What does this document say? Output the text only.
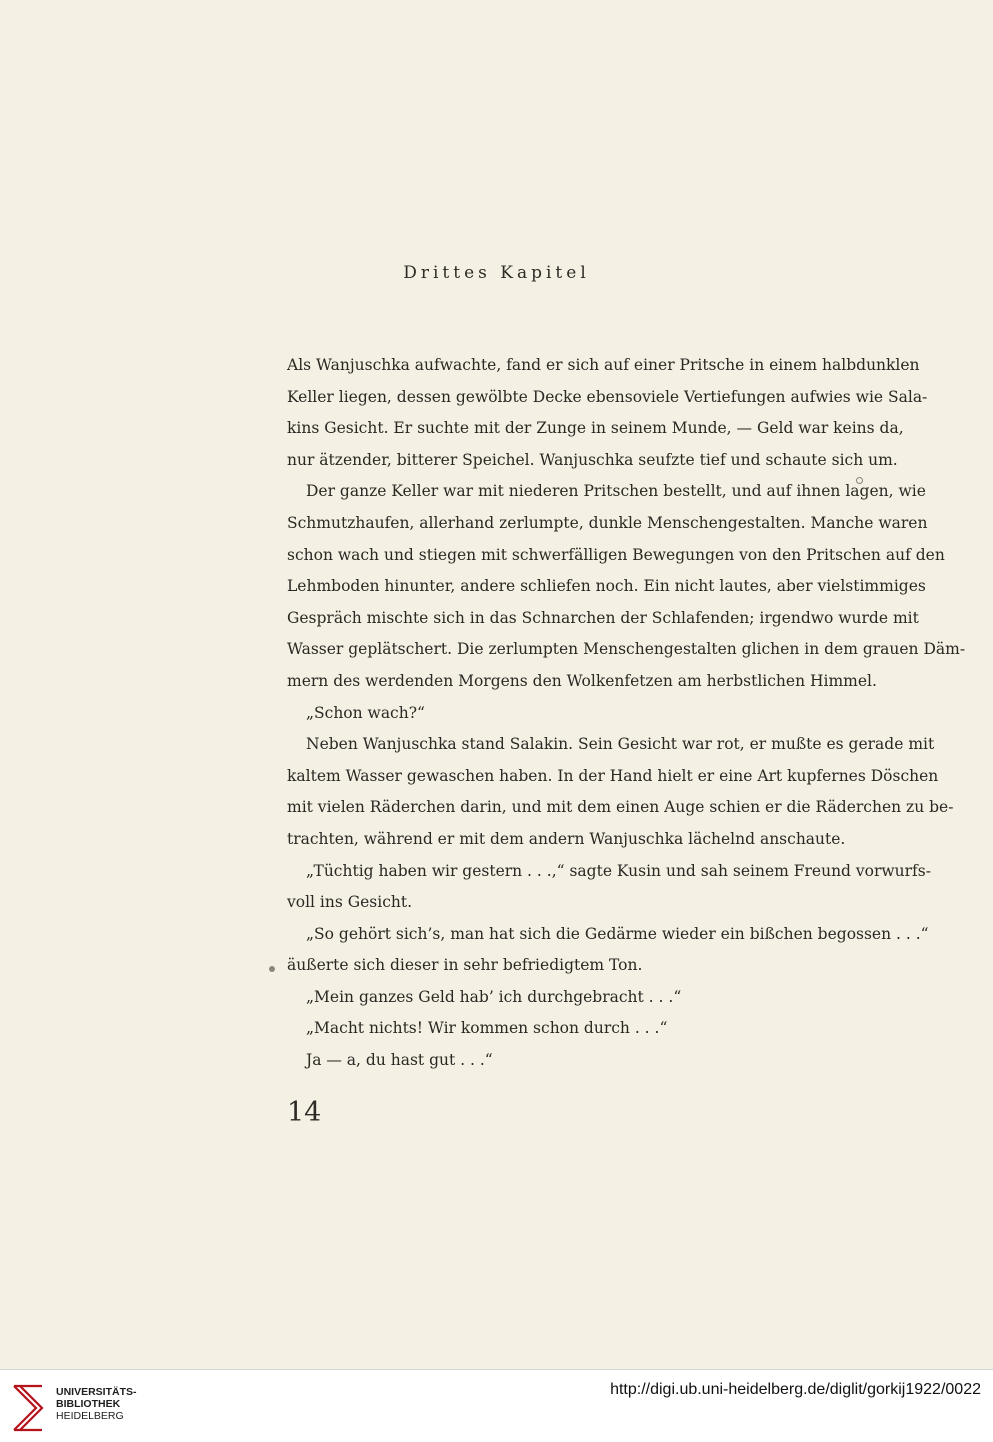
Drittes Kapitel
Als Wanjuschka aufwachte, fand er sich auf einer Pritsche in einem halbdunklen
Keller liegen, dessen gewölbte Decke ebensoviele Vertiefungen aufwies wie Sala-
kins Gesicht. Er suchte mit der Zunge in seinem Munde, — Geld war keins da,
nur ätzender, bitterer Speichel. Wanjuschka seufzte tief und schaute sich um.
Der ganze Keller war mit niederen Pritschen bestellt, und auf ihnen lagen, wie
Schmutzhaufen, allerhand zerlumpte, dunkle Menschengestalten. Manche waren
schon wach und stiegen mit schwerfälligen Bewegungen von den Pritschen auf den
Lehmboden hinunter, andere schliefen noch. Ein nicht lautes, aber vielstimmiges
Gespräch mischte sich in das Schnarchen der Schlafenden; irgendwo wurde mit
Wasser geplätschert. Die zerlumpten Menschengestalten glichen in dem grauen Däm-
mern des werdenden Morgens den Wolkenfetzen am herbstlichen Himmel.
„Schon wach?“
Neben Wanjuschka stand Salakin. Sein Gesicht war rot, er mußte es gerade mit
kaltem Wasser gewaschen haben. In der Hand hielt er eine Art kupfernes Döschen
mit vielen Räderchen darin, und mit dem einen Auge schien er die Räderchen zu be-
trachten, während er mit dem andern Wanjuschka lächelnd anschaute.
„Tüchtig haben wir gestern . . .,“ sagte Kusin und sah seinem Freund vorwurfs-
voll ins Gesicht.
„So gehört sich’s, man hat sich die Gedärme wieder ein bißchen begossen . . .“
äußerte sich dieser in sehr befriedigtem Ton.
„Mein ganzes Geld hab’ ich durchgebracht . . .“
„Macht nichts! Wir kommen schon durch . . .“
Ja — a, du hast gut . . .“
14
UNIVERSITÄTS-
BIBLIOTHEK
HEIDELBERG
http://digi.ub.uni-heidelberg.de/diglit/gorkij1922/0022
